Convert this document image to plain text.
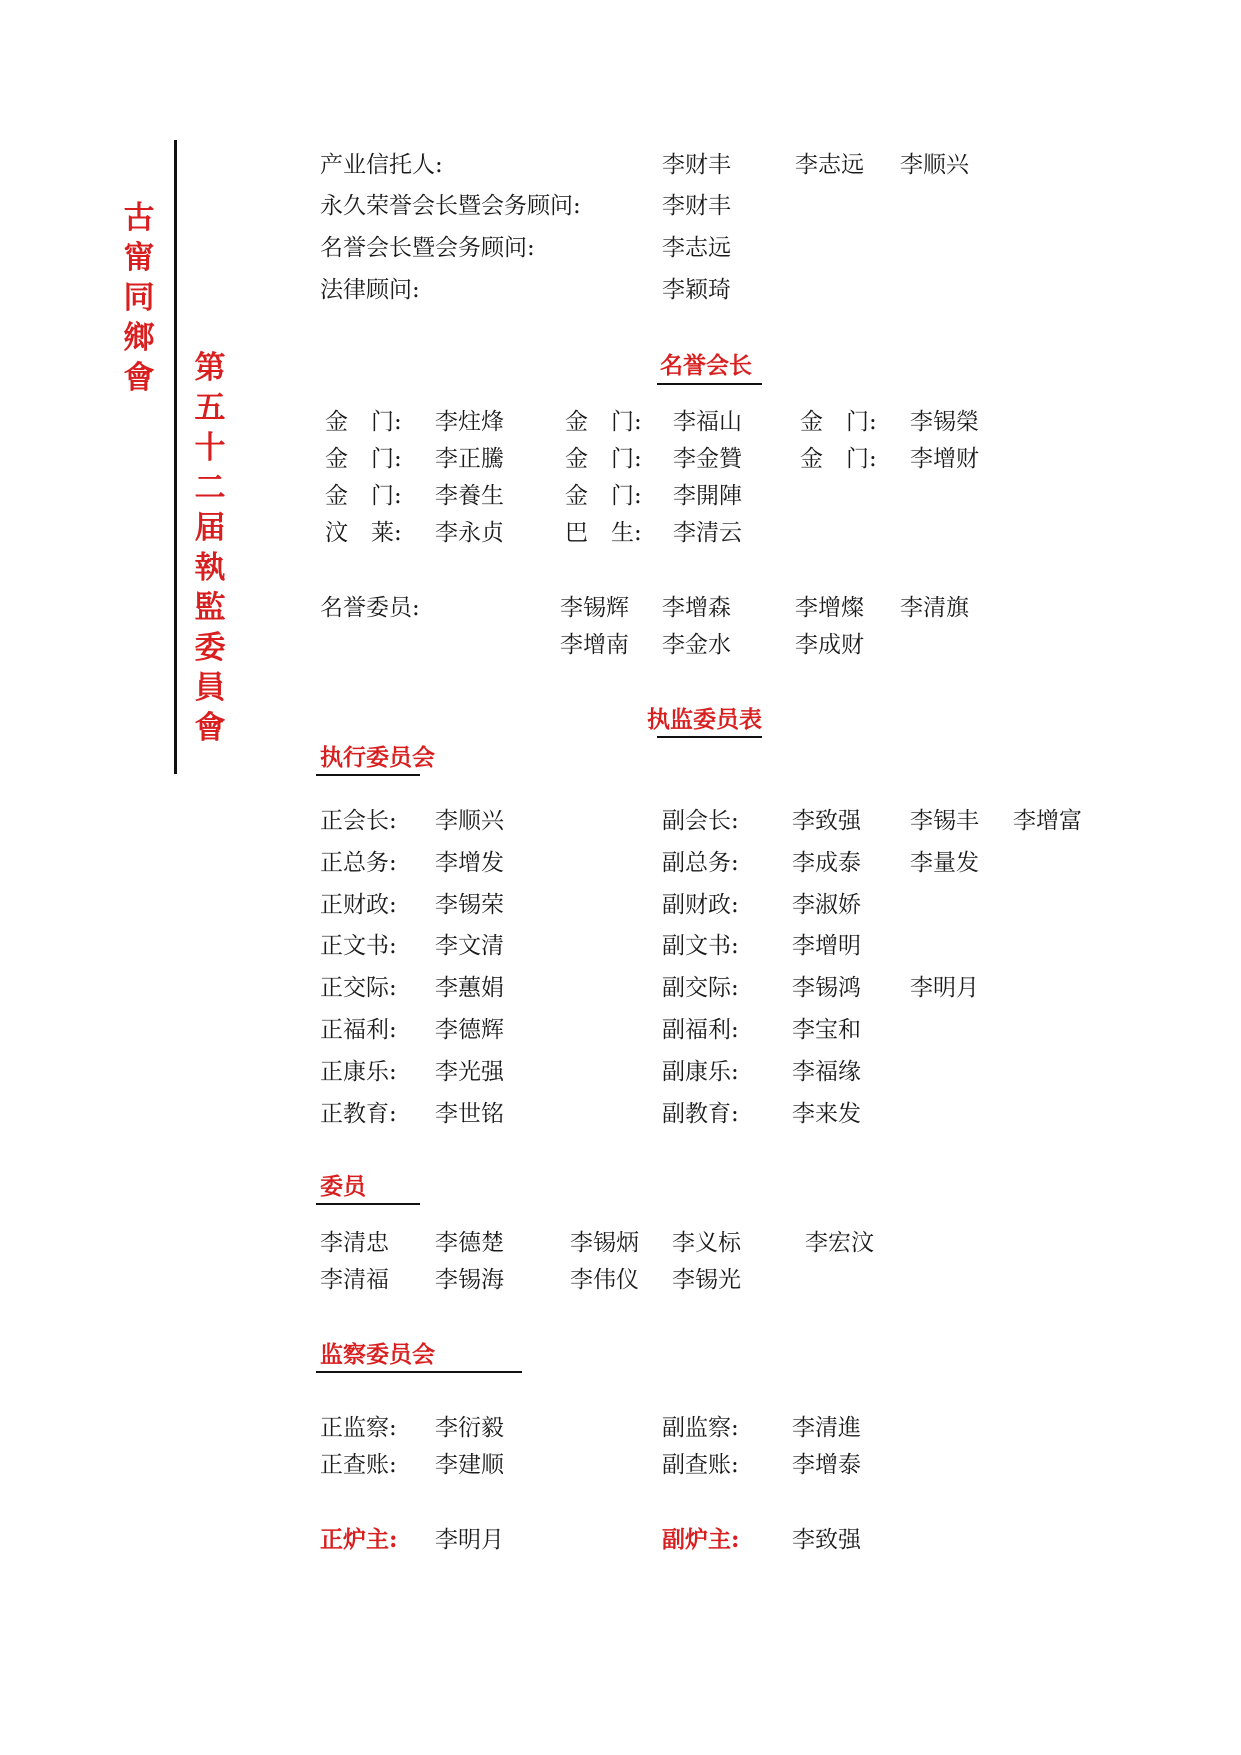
古
甯
同
鄉
會 第
五
十
二
届
執
監
委
員
會
产业信托人:	李财丰	李志远 李顺兴
永久荣誉会长暨会务顾问:	李财丰
名誉会长暨会务顾问:	李志远
法律顾问:	李颖琦
名誉会长
金　门: 李炷烽	金　门: 李福山	金　门: 李锡榮
金　门: 李正騰	金　门: 李金贊	金　门: 李增财
金　门: 李養生	金　门: 李開陣
汶　莱: 李永贞	巴　生: 李清云
名誉委员:	李锡辉 李增森	李增燦 李清旗
李增南 李金水	李成财
执监委员表
执行委员会
正会长: 李顺兴	副会长: 李致强 李锡丰 李增富
正总务: 李增发	副总务: 李成泰 李量发
正财政: 李锡荣	副财政: 李淑娇
正文书: 李文清	副文书: 李增明
正交际: 李蕙娟	副交际: 李锡鸿 李明月
正福利: 李德辉	副福利: 李宝和
正康乐: 李光强	副康乐: 李福缘
正教育: 李世铭	副教育: 李来发
委员
李清忠 李德楚	李锡炳 李义标	李宏汶
李清福 李锡海	李伟仪 李锡光
监察委员会
正监察: 李衍毅	副监察: 李清進
正查账: 李建顺	副查账: 李增泰
正炉主: 李明月	副炉主: 李致强
